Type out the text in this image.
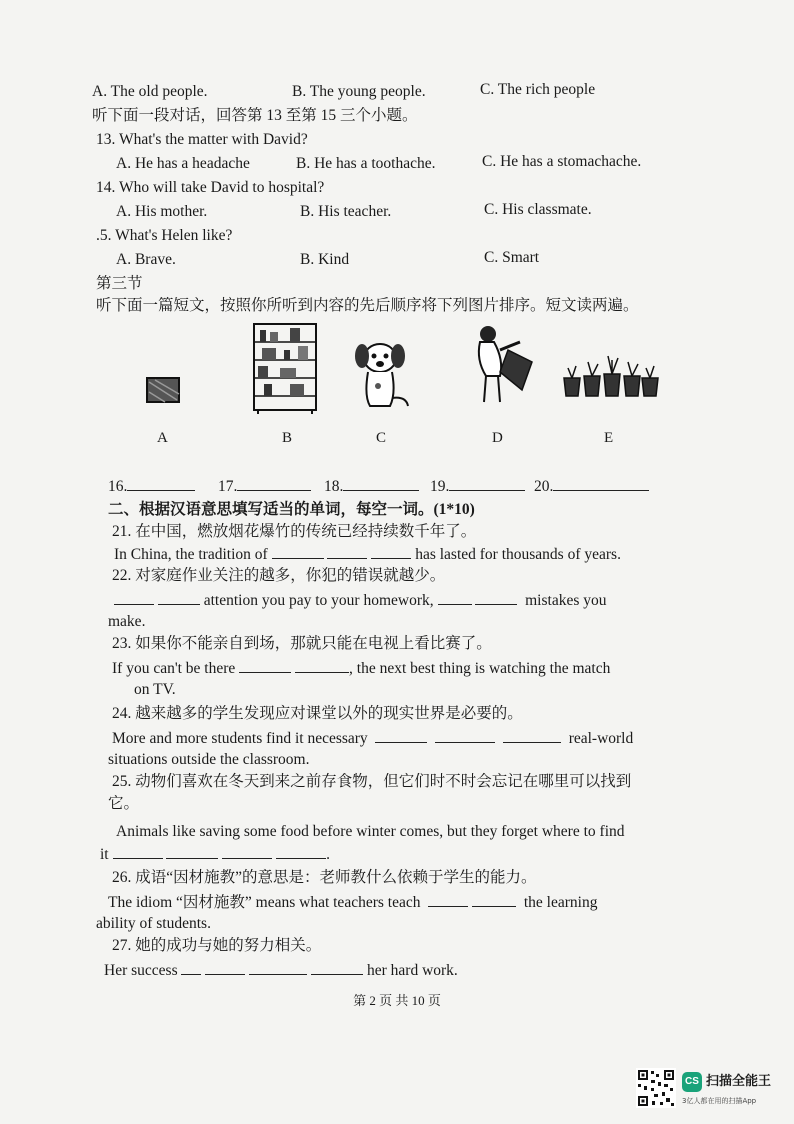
A. The old people.	B. The young people.	C. The rich people
听下面一段对话，回答第 13 至第 15 三个小题。
13. What's the matter with David?
A. He has a headache	B. He has a toothache.	C. He has a stomachache.
14. Who will take David to hospital?
A. His mother.	B. His teacher.	C. His classmate.
.5. What's Helen like?
A. Brave.	B. Kind	C. Smart
第三节
听下面一篇短文，按照你所听到内容的先后顺序将下列图片排序。短文读两遍。
A	B	C	D	E
16.	17.	18.	19.	20.
二、根据汉语意思填写适当的单词，每空一词。(1*10)
21. 在中国，燃放烟花爆竹的传统已经持续数千年了。
In China, the tradition of	has lasted for thousands of years.
22. 对家庭作业关注的越多，你犯的错误就越少。
attention you pay to your homework,	mistakes you
make.
23. 如果你不能亲自到场，那就只能在电视上看比赛了。
If you can't be there	, the next best thing is watching the match
on TV.
24. 越来越多的学生发现应对课堂以外的现实世界是必要的。
More and more students find it necessary	real-world
situations outside the classroom.
25. 动物们喜欢在冬天到来之前存食物，但它们时不时会忘记在哪里可以找到
它。
Animals like saving some food before winter comes, but they forget where to find
it	.
26. 成语“因材施教”的意思是：老师教什么依赖于学生的能力。
The idiom “因材施教” means what teachers teach	the learning
ability of students.
27. 她的成功与她的努力相关。
Her success	her hard work.
第 2 页 共 10 页
CS 扫描全能王
3亿人都在用的扫描App
